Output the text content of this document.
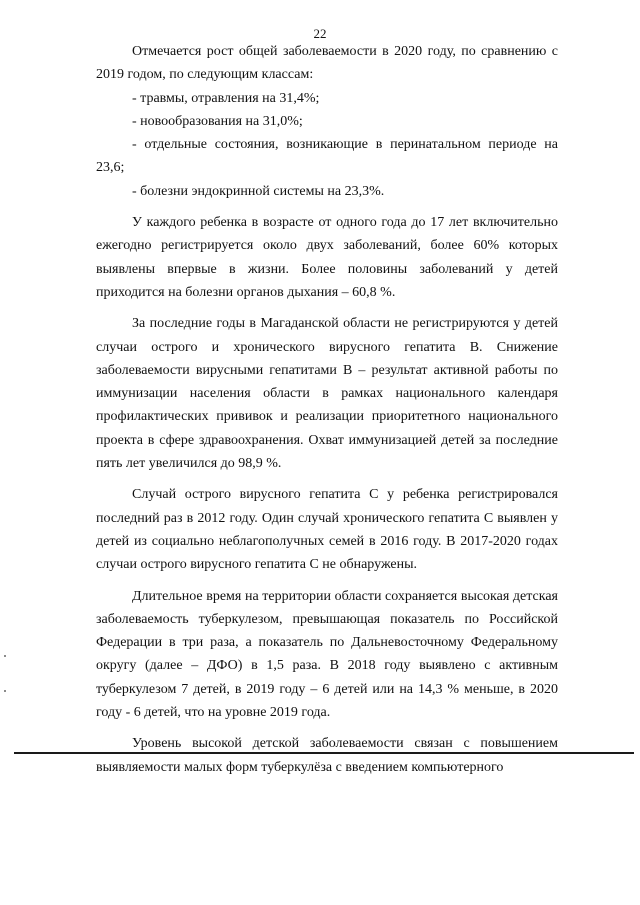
22

Отмечается рост общей заболеваемости в 2020 году, по сравнению с 2019 годом, по следующим классам:

- травмы, отравления на 31,4%;

- новообразования на 31,0%;

- отдельные состояния, возникающие в перинатальном периоде на 23,6;

- болезни эндокринной системы на 23,3%.

У каждого ребенка в возрасте от одного года до 17 лет включительно ежегодно регистрируется около двух заболеваний, более 60% которых выявлены впервые в жизни. Более половины заболеваний у детей приходится на болезни органов дыхания – 60,8 %.

За последние годы в Магаданской области не регистрируются у детей случаи острого и хронического вирусного гепатита В. Снижение заболеваемости вирусными гепатитами В – результат активной работы по иммунизации населения области в рамках национального календаря профилактических прививок и реализации приоритетного национального проекта в сфере здравоохранения. Охват иммунизацией детей за последние пять лет увеличился до 98,9 %.

Случай острого вирусного гепатита С у ребенка регистрировался последний раз в 2012 году. Один случай хронического гепатита С выявлен у детей из социально неблагополучных семей в 2016 году. В 2017-2020 годах случаи острого вирусного гепатита С не обнаружены.

Длительное время на территории области сохраняется высокая детская заболеваемость туберкулезом, превышающая показатель по Российской Федерации в три раза, а показатель по Дальневосточному Федеральному округу (далее – ДФО) в 1,5 раза. В 2018 году выявлено с активным туберкулезом 7 детей, в 2019 году – 6 детей или на 14,3 % меньше, в 2020 году - 6 детей, что на уровне 2019 года.

Уровень высокой детской заболеваемости связан с повышением выявляемости малых форм туберкулёза с введением компьютерного
